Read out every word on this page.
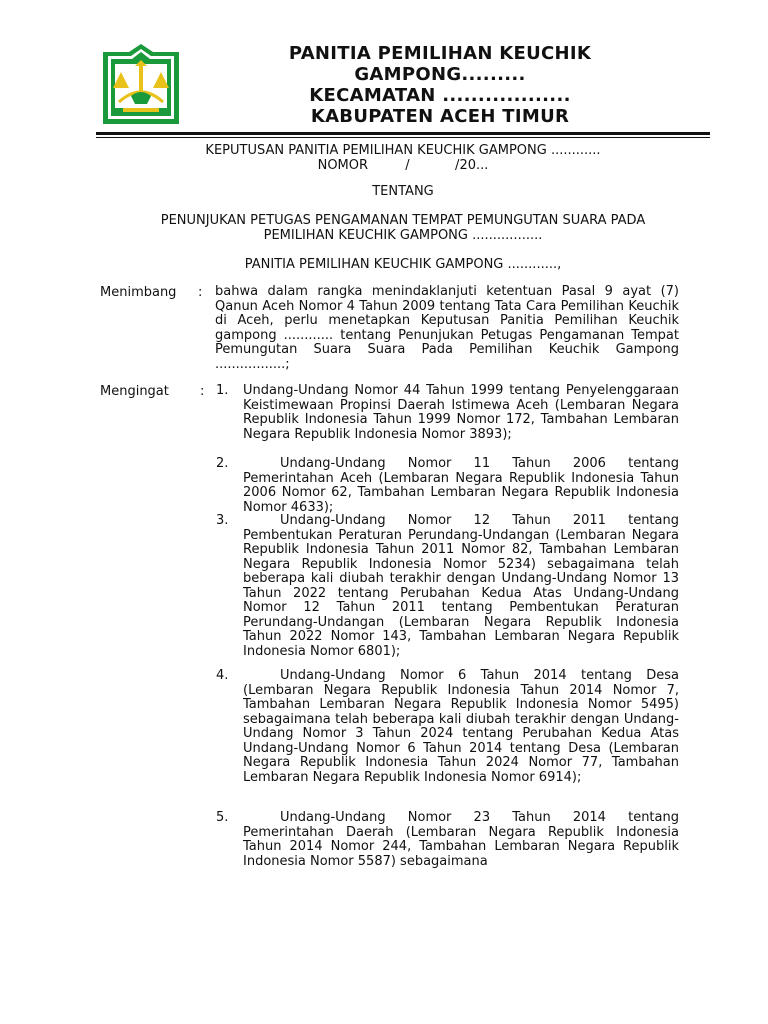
PANITIA PEMILIHAN KEUCHIK
GAMPONG.........
KECAMATAN ..................
KABUPATEN ACEH TIMUR
KEPUTUSAN PANITIA PEMILIHAN KEUCHIK GAMPONG ............
NOMOR         /           /20...
TENTANG
PENUNJUKAN PETUGAS PENGAMANAN TEMPAT PEMUNGUTAN SUARA PADA
PEMILIHAN KEUCHIK GAMPONG .................
PANITIA PEMILIHAN KEUCHIK GAMPONG ............,
Menimbang : bahwa dalam rangka menindaklanjuti ketentuan Pasal 9 ayat (7) Qanun Aceh Nomor 4 Tahun 2009 tentang Tata Cara Pemilihan Keuchik di Aceh, perlu menetapkan Keputusan Panitia Pemilihan Keuchik gampong ............ tentang Penunjukan Petugas Pengamanan Tempat Pemungutan Suara Suara Pada Pemilihan Keuchik Gampong .................;
Mengingat : 1. Undang-Undang Nomor 44 Tahun 1999 tentang Penyelenggaraan Keistimewaan Propinsi Daerah Istimewa Aceh (Lembaran Negara Republik Indonesia Tahun 1999 Nomor 172, Tambahan Lembaran Negara Republik Indonesia Nomor 3893);
2.	Undang-Undang Nomor 11 Tahun 2006 tentang Pemerintahan Aceh (Lembaran Negara Republik Indonesia Tahun 2006 Nomor 62, Tambahan Lembaran Negara Republik Indonesia Nomor 4633);
3.	Undang-Undang Nomor 12 Tahun 2011 tentang Pembentukan Peraturan Perundang-Undangan (Lembaran Negara Republik Indonesia Tahun 2011 Nomor 82, Tambahan Lembaran Negara Republik Indonesia Nomor 5234) sebagaimana telah beberapa kali diubah terakhir dengan Undang-Undang Nomor 13 Tahun 2022 tentang Perubahan Kedua Atas Undang-Undang Nomor 12 Tahun 2011 tentang Pembentukan Peraturan Perundang-Undangan (Lembaran Negara Republik Indonesia Tahun 2022 Nomor 143, Tambahan Lembaran Negara Republik Indonesia Nomor 6801);
4.	Undang-Undang Nomor 6 Tahun 2014 tentang Desa (Lembaran Negara Republik Indonesia Tahun 2014 Nomor 7, Tambahan Lembaran Negara Republik Indonesia Nomor 5495) sebagaimana telah beberapa kali diubah terakhir dengan Undang-Undang Nomor 3 Tahun 2024 tentang Perubahan Kedua Atas Undang-Undang Nomor 6 Tahun 2014 tentang Desa (Lembaran Negara Republik Indonesia Tahun 2024 Nomor 77, Tambahan Lembaran Negara Republik Indonesia Nomor 6914);
5.	Undang-Undang Nomor 23 Tahun 2014 tentang Pemerintahan Daerah (Lembaran Negara Republik Indonesia Tahun 2014 Nomor 244, Tambahan Lembaran Negara Republik Indonesia Nomor 5587) sebagaimana
